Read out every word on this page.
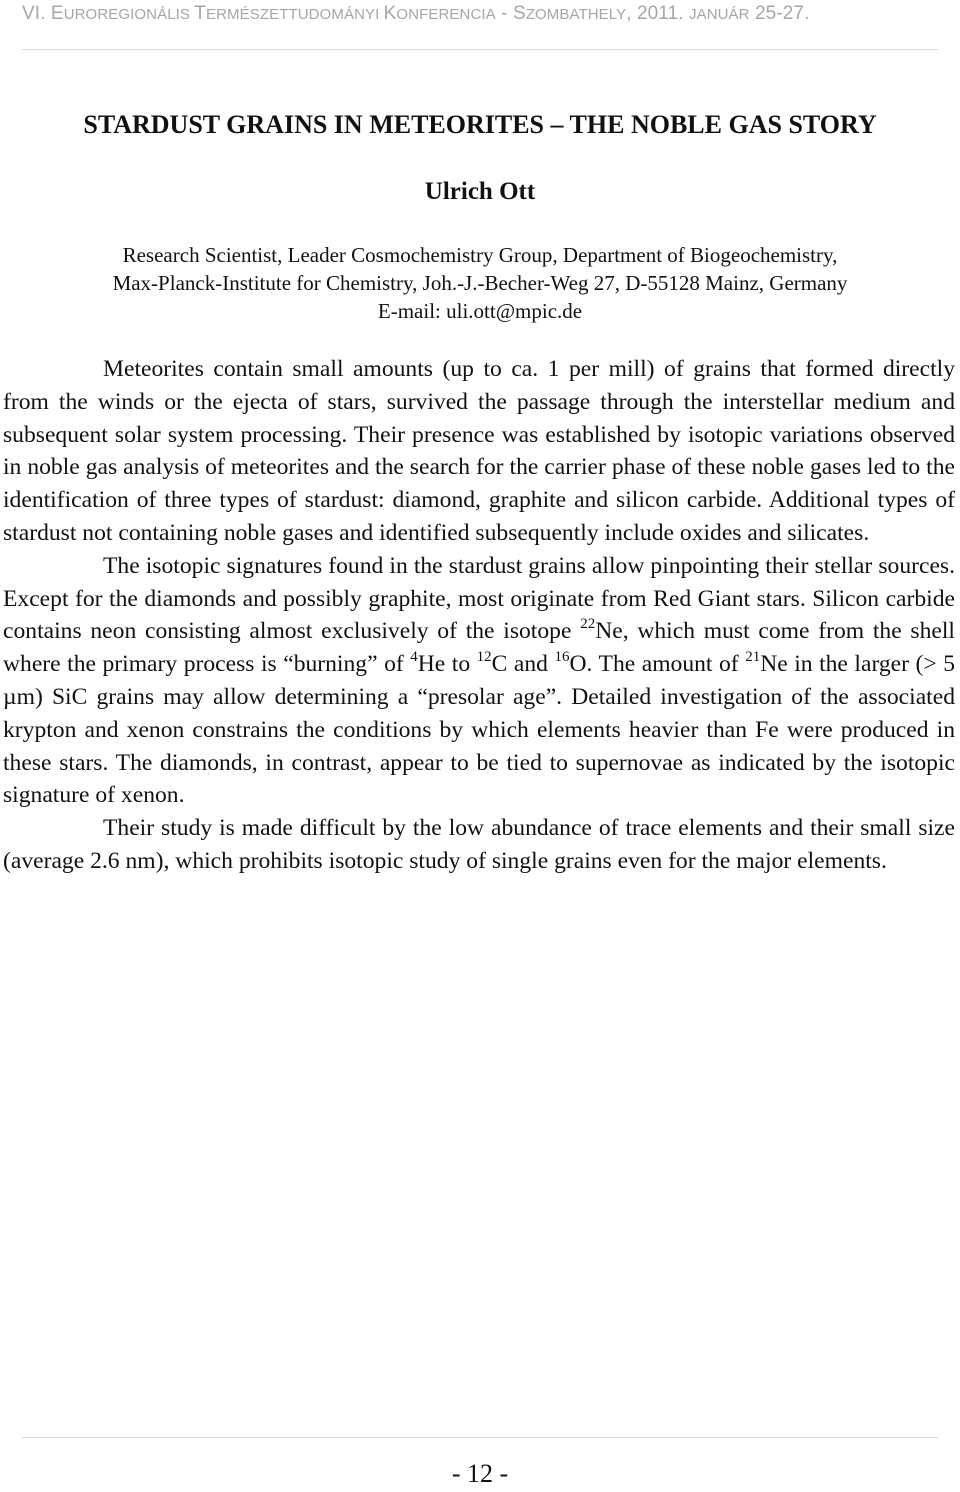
VI. EUROREGIONÁLIS TERMÉSZETTUDOMÁNYI KONFERENCIA - SZOMBATHELY, 2011. JANUÁR 25-27.
STARDUST GRAINS IN METEORITES – THE NOBLE GAS STORY
Ulrich Ott
Research Scientist, Leader Cosmochemistry Group, Department of Biogeochemistry,
Max-Planck-Institute for Chemistry, Joh.-J.-Becher-Weg 27, D-55128 Mainz, Germany
E-mail: uli.ott@mpic.de

Meteorites contain small amounts (up to ca. 1 per mill) of grains that formed directly from the winds or the ejecta of stars, survived the passage through the interstellar medium and subsequent solar system processing. Their presence was established by isotopic variations observed in noble gas analysis of meteorites and the search for the carrier phase of these noble gases led to the identification of three types of stardust: diamond, graphite and silicon carbide. Additional types of stardust not containing noble gases and identified subsequently include oxides and silicates.

The isotopic signatures found in the stardust grains allow pinpointing their stellar sources. Except for the diamonds and possibly graphite, most originate from Red Giant stars. Silicon carbide contains neon consisting almost exclusively of the isotope $^{22}$Ne, which must come from the shell where the primary process is “burning” of $^4$He to $^{12}$C and $^{16}$O. The amount of $^{21}$Ne in the larger (> 5 µm) SiC grains may allow determining a “presolar age”. Detailed investigation of the associated krypton and xenon constrains the conditions by which elements heavier than Fe were produced in these stars. The diamonds, in contrast, appear to be tied to supernovae as indicated by the isotopic signature of xenon.

Their study is made difficult by the low abundance of trace elements and their small size (average 2.6 nm), which prohibits isotopic study of single grains even for the major elements.

- 12 -
